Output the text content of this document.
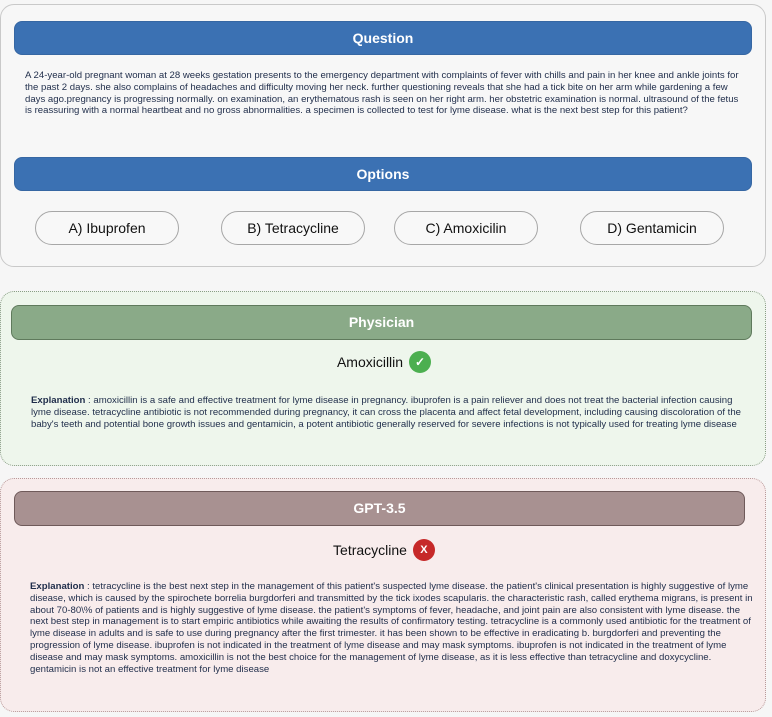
Question
A 24-year-old pregnant woman at 28 weeks gestation presents to the emergency department with complaints of fever with chills and pain in her knee and ankle joints for the past 2 days. she also complains of headaches and difficulty moving her neck. further questioning reveals that she had a tick bite on her arm while gardening a few days ago.pregnancy is progressing normally. on examination, an erythematous rash is seen on her right arm. her obstetric examination is normal. ultrasound of the fetus is reassuring with a normal heartbeat and no gross abnormalities. a specimen is collected to test for lyme disease. what is the next best step for this patient?
Options
A) Ibuprofen	B) Tetracycline	C) Amoxicilin	D) Gentamicin
Physician
Amoxicillin ✓
Explanation : amoxicillin is a safe and effective treatment for lyme disease in pregnancy. ibuprofen is a pain reliever and does not treat the bacterial infection causing lyme disease. tetracycline antibiotic is not recommended during pregnancy, it can cross the placenta and affect fetal development, including causing discoloration of the baby's teeth and potential bone growth issues and gentamicin, a potent antibiotic generally reserved for severe infections is not typically used for treating lyme disease
GPT-3.5
Tetracycline X
Explanation : tetracycline is the best next step in the management of this patient's suspected lyme disease. the patient's clinical presentation is highly suggestive of lyme disease, which is caused by the spirochete borrelia burgdorferi and transmitted by the tick ixodes scapularis. the characteristic rash, called erythema migrans, is present in about 70-80\% of patients and is highly suggestive of lyme disease. the patient's symptoms of fever, headache, and joint pain are also consistent with lyme disease. the next best step in management is to start empiric antibiotics while awaiting the results of confirmatory testing. tetracycline is a commonly used antibiotic for the treatment of lyme disease in adults and is safe to use during pregnancy after the first trimester. it has been shown to be effective in eradicating b. burgdorferi and preventing the progression of lyme disease. ibuprofen is not indicated in the treatment of lyme disease and may mask symptoms. ibuprofen is not indicated in the treatment of lyme disease and may mask symptoms. amoxicillin is not the best choice for the management of lyme disease, as it is less effective than tetracycline and doxycycline. gentamicin is not an effective treatment for lyme disease
